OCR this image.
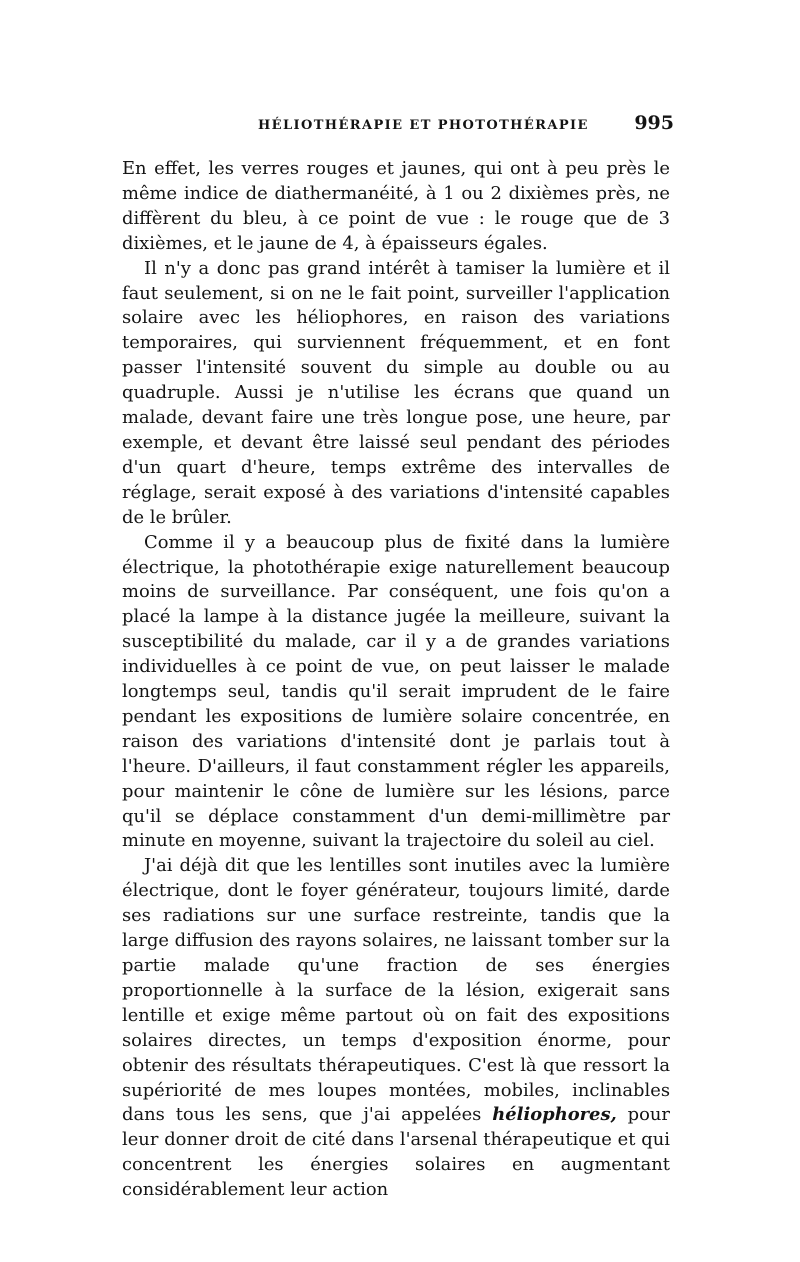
HÉLIOTHÉRAPIE ET PHOTOTHÉRAPIE 995

En effet, les verres rouges et jaunes, qui ont à peu près le même indice de diathermanéité, à 1 ou 2 dixièmes près, ne diffèrent du bleu, à ce point de vue : le rouge que de 3 dixièmes, et le jaune de 4, à épaisseurs égales.

Il n'y a donc pas grand intérêt à tamiser la lumière et il faut seulement, si on ne le fait point, surveiller l'application solaire avec les héliophores, en raison des variations temporaires, qui surviennent fréquemment, et en font passer l'intensité souvent du simple au double ou au quadruple. Aussi je n'utilise les écrans que quand un malade, devant faire une très longue pose, une heure, par exemple, et devant être laissé seul pendant des périodes d'un quart d'heure, temps extrême des intervalles de réglage, serait exposé à des variations d'intensité capables de le brûler.

Comme il y a beaucoup plus de fixité dans la lumière électrique, la photothérapie exige naturellement beaucoup moins de surveillance. Par conséquent, une fois qu'on a placé la lampe à la distance jugée la meilleure, suivant la susceptibilité du malade, car il y a de grandes variations individuelles à ce point de vue, on peut laisser le malade longtemps seul, tandis qu'il serait imprudent de le faire pendant les expositions de lumière solaire concentrée, en raison des variations d'intensité dont je parlais tout à l'heure. D'ailleurs, il faut constamment régler les appareils, pour maintenir le cône de lumière sur les lésions, parce qu'il se déplace constamment d'un demi-millimètre par minute en moyenne, suivant la trajectoire du soleil au ciel.

J'ai déjà dit que les lentilles sont inutiles avec la lumière électrique, dont le foyer générateur, toujours limité, darde ses radiations sur une surface restreinte, tandis que la large diffusion des rayons solaires, ne laissant tomber sur la partie malade qu'une fraction de ses énergies proportionnelle à la surface de la lésion, exigerait sans lentille et exige même partout où on fait des expositions solaires directes, un temps d'exposition énorme, pour obtenir des résultats thérapeutiques. C'est là que ressort la supériorité de mes loupes montées, mobiles, inclinables dans tous les sens, que j'ai appelées héliophores, pour leur donner droit de cité dans l'arsenal thérapeutique et qui concentrent les énergies solaires en augmentant considérablement leur action
